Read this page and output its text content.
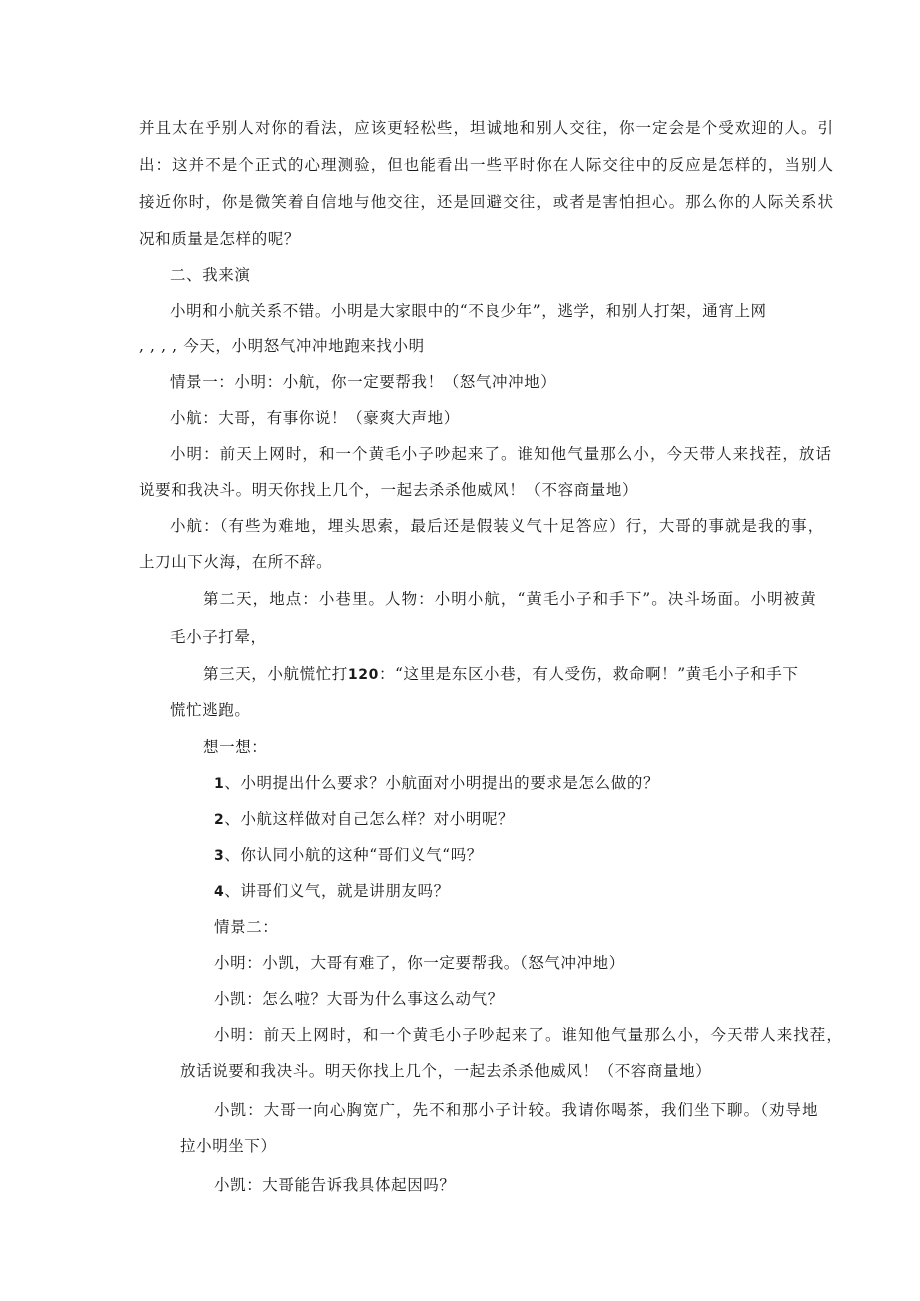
并且太在乎别人对你的看法，应该更轻松些，坦诚地和别人交往，你一定会是个受欢迎的人。引
出：这并不是个正式的心理测验，但也能看出一些平时你在人际交往中的反应是怎样的，当别人
接近你时，你是微笑着自信地与他交往，还是回避交往，或者是害怕担心。那么你的人际关系状
况和质量是怎样的呢？
二、我来演
小明和小航关系不错。小明是大家眼中的“不良少年”，逃学，和别人打架，通宵上网
, , , , 今天，小明怒气冲冲地跑来找小明
情景一：小明：小航，你一定要帮我！（怒气冲冲地）
小航：大哥，有事你说！（豪爽大声地）
小明：前天上网时，和一个黄毛小子吵起来了。谁知他气量那么小，今天带人来找茬，放话
说要和我决斗。明天你找上几个，一起去杀杀他威风！（不容商量地）
小航：（有些为难地，埋头思索，最后还是假装义气十足答应）行，大哥的事就是我的事，
上刀山下火海，在所不辞。
第二天，地点：小巷里。人物：小明小航，“黄毛小子和手下”。决斗场面。小明被黄
毛小子打晕，
第三天，小航慌忙打120：“这里是东区小巷，有人受伤，救命啊！”黄毛小子和手下
慌忙逃跑。
想一想：
1、小明提出什么要求？小航面对小明提出的要求是怎么做的？
2、小航这样做对自己怎么样？对小明呢？
3、你认同小航的这种“哥们义气“吗？
4、讲哥们义气，就是讲朋友吗？
情景二：
小明：小凯，大哥有难了，你一定要帮我。（怒气冲冲地）
小凯：怎么啦？大哥为什么事这么动气？
小明：前天上网时，和一个黄毛小子吵起来了。谁知他气量那么小，今天带人来找茬，
放话说要和我决斗。明天你找上几个，一起去杀杀他威风！（不容商量地）
小凯：大哥一向心胸宽广，先不和那小子计较。我请你喝茶，我们坐下聊。（劝导地
拉小明坐下）
小凯：大哥能告诉我具体起因吗？
